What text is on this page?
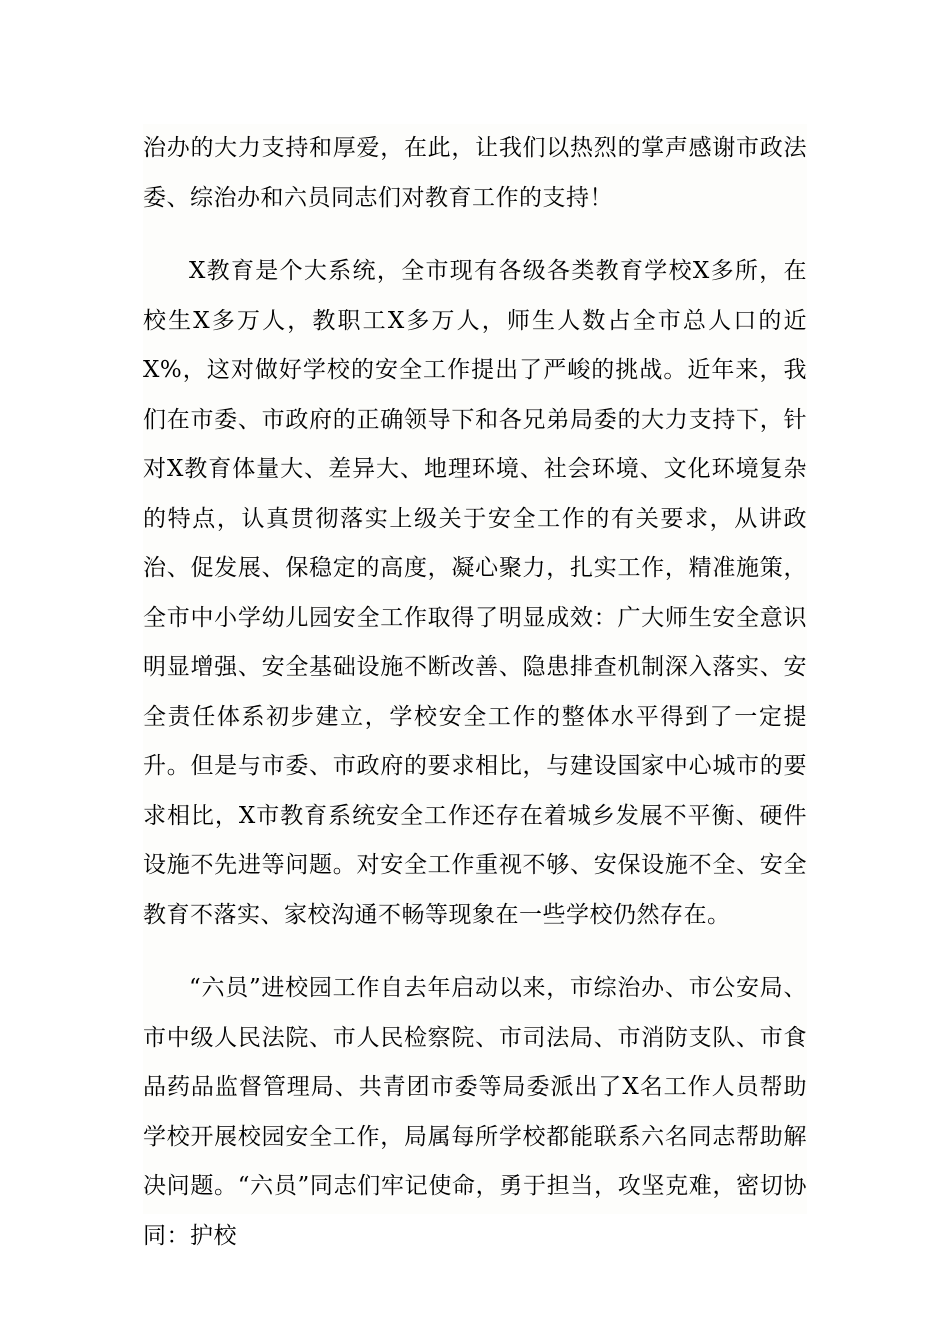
治办的大力支持和厚爱，在此，让我们以热烈的掌声感谢市政法委、综治办和六员同志们对教育工作的支持！

X教育是个大系统，全市现有各级各类教育学校X多所，在校生X多万人，教职工X多万人，师生人数占全市总人口的近X%，这对做好学校的安全工作提出了严峻的挑战。近年来，我们在市委、市政府的正确领导下和各兄弟局委的大力支持下，针对X教育体量大、差异大、地理环境、社会环境、文化环境复杂的特点，认真贯彻落实上级关于安全工作的有关要求，从讲政治、促发展、保稳定的高度，凝心聚力，扎实工作，精准施策，全市中小学幼儿园安全工作取得了明显成效：广大师生安全意识明显增强、安全基础设施不断改善、隐患排查机制深入落实、安全责任体系初步建立，学校安全工作的整体水平得到了一定提升。但是与市委、市政府的要求相比，与建设国家中心城市的要求相比，X市教育系统安全工作还存在着城乡发展不平衡、硬件设施不先进等问题。对安全工作重视不够、安保设施不全、安全教育不落实、家校沟通不畅等现象在一些学校仍然存在。

“六员”进校园工作自去年启动以来，市综治办、市公安局、市中级人民法院、市人民检察院、市司法局、市消防支队、市食品药品监督管理局、共青团市委等局委派出了X名工作人员帮助学校开展校园安全工作，局属每所学校都能联系六名同志帮助解决问题。“六员”同志们牢记使命，勇于担当，攻坚克难，密切协同：护校
